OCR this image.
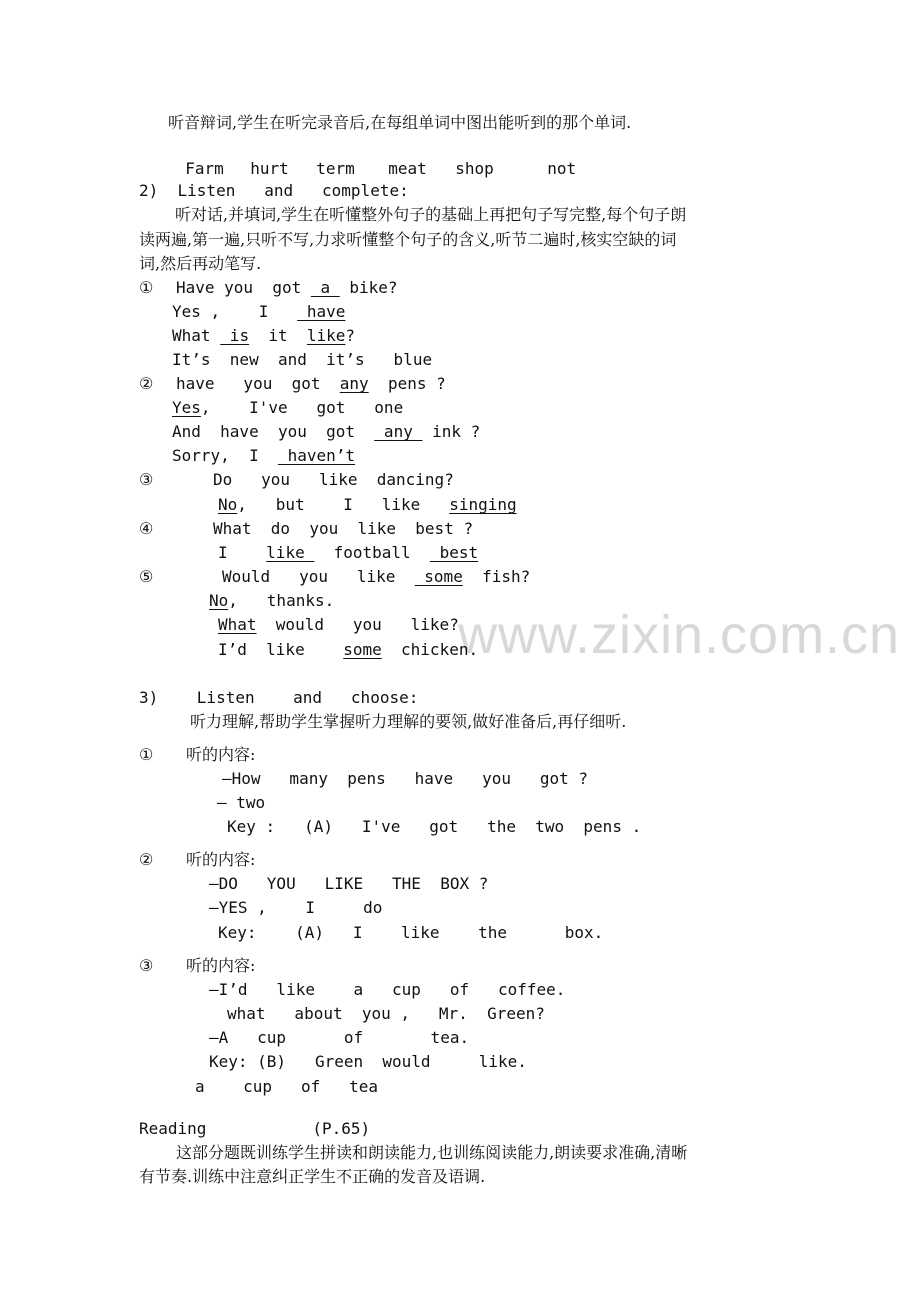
www.zixin.com.cn
听音辩词,学生在听完录音后,在每组单词中图出能听到的那个单词.

Farm hurt term meat shop	not

2)  Listen   and   complete:
听对话,并填词,学生在听懂整外句子的基础上再把句子写完整,每个句子朗
读两遍,第一遍,只听不写,力求听懂整个句子的含义,听节二遍时,核实空缺的词
词,然后再动笔写.
① Have you  got  a  bike?
Yes ,    I    have
What  is  it  like?
It’s  new  and  it’s   blue
② have   you  got  any  pens ?
Yes,    I've   got   one
And  have  you  got   any  ink ?
Sorry,  I   haven’t
③	Do   you   like  dancing?
No,   but    I   like   singing
④	What  do  you  like  best ?
I    like   football   best
⑤	Would   you   like   some  fish?
No,   thanks.
What  would   you   like?
I’d  like    some  chicken.
3)    Listen    and   choose:
听力理解,帮助学生掌握听力理解的要领,做好准备后,再仔细听.
① 听的内容:
—How   many  pens   have   you   got ?
— two
Key :   (A)   I've   got   the  two  pens .
② 听的内容:
—DO   YOU   LIKE   THE  BOX ?
—YES ,    I     do
Key:    (A)   I    like    the      box.
③ 听的内容:
—I’d   like    a   cup   of   coffee.
what   about  you ,   Mr.  Green?
—A   cup      of       tea.
Key: (B)   Green  would     like.
a    cup   of   tea
Reading           (P.65)
这部分题既训练学生拼读和朗读能力,也训练阅读能力,朗读要求准确,清晰
有节奏.训练中注意纠正学生不正确的发音及语调.
